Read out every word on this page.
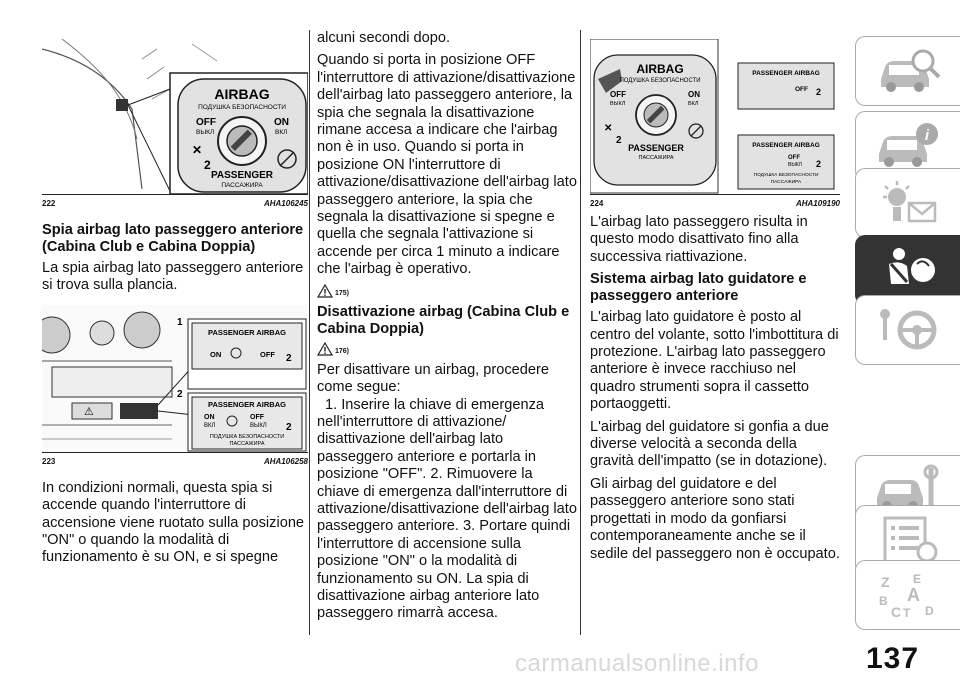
AIRBAG
ПОДУШКА БЕЗОПАСНОСТИ
OFF
ВЫКЛ
ON
ВКЛ
✕
2
PASSENGER
ПАССАЖИРА
222	AHA106245
Spia airbag lato passeggero anteriore (Cabina Club e Cabina Doppia)

La spia airbag lato passeggero anteriore si trova sulla plancia.

⚠
1
2
PASSENGER AIRBAG
ON	OFF 2
PASSENGER AIRBAG
ON
ВКЛ
OFF
ВЫКЛ 2
ПОДУШКА БЕЗОПАСНОСТИ
ПАССАЖИРА
223	AHA106258

In condizioni normali, questa spia si accende quando l'interruttore di accensione viene ruotato sulla posizione "ON" o quando la modalità di funzionamento è su ON, e si spegne

alcuni secondi dopo.

Quando si porta in posizione OFF l'interruttore di attivazione/disattivazione dell'airbag lato passeggero anteriore, la spia che segnala la disattivazione rimane accesa a indicare che l'airbag non è in uso. Quando si porta in posizione ON l'interruttore di attivazione/disattivazione dell'airbag lato passeggero anteriore, la spia che segnala la disattivazione si spegne e quella che segnala l'attivazione si accende per circa 1 minuto a indicare che l'airbag è operativo.

175)
Disattivazione airbag (Cabina Club e Cabina Doppia)
176)

Per disattivare un airbag, procedere come segue:

1. Inserire la chiave di emergenza nell'interruttore di attivazione/ disattivazione dell'airbag lato passeggero anteriore e portarla in posizione "OFF". 2. Rimuovere la chiave di emergenza dall'interruttore di attivazione/disattivazione dell'airbag lato passeggero anteriore. 3. Portare quindi l'interruttore di accensione sulla posizione "ON" o la modalità di funzionamento su ON. La spia di disattivazione airbag anteriore lato passeggero rimarrà accesa.

AIRBAG
ПОДУШКА БЕЗОПАСНОСТИ
OFF
ВЫКЛ
ON
ВКЛ
✕
2
PASSENGER
ПАССАЖИРА
PASSENGER AIRBAG
OFF 2
PASSENGER AIRBAG
OFF
ВЫКЛ 2
ПОДУШКА БЕЗОПАСНОСТИ
ПАССАЖИРА
224	AHA109190

L'airbag lato passeggero risulta in questo modo disattivato fino alla successiva riattivazione.

Sistema airbag lato guidatore e passeggero anteriore

L'airbag lato guidatore è posto al centro del volante, sotto l'imbottitura di protezione. L'airbag lato passeggero anteriore è invece racchiuso nel quadro strumenti sopra il cassetto portaoggetti.

L'airbag del guidatore si gonfia a due diverse velocità a seconda della gravità dell'impatto (se in dotazione).

Gli airbag del guidatore e del passeggero anteriore sono stati progettati in modo da gonfiarsi contemporaneamente anche se il sedile del passeggero non è occupato.

i
Z E
A
B
C T D
137
carmanualsonline.info
